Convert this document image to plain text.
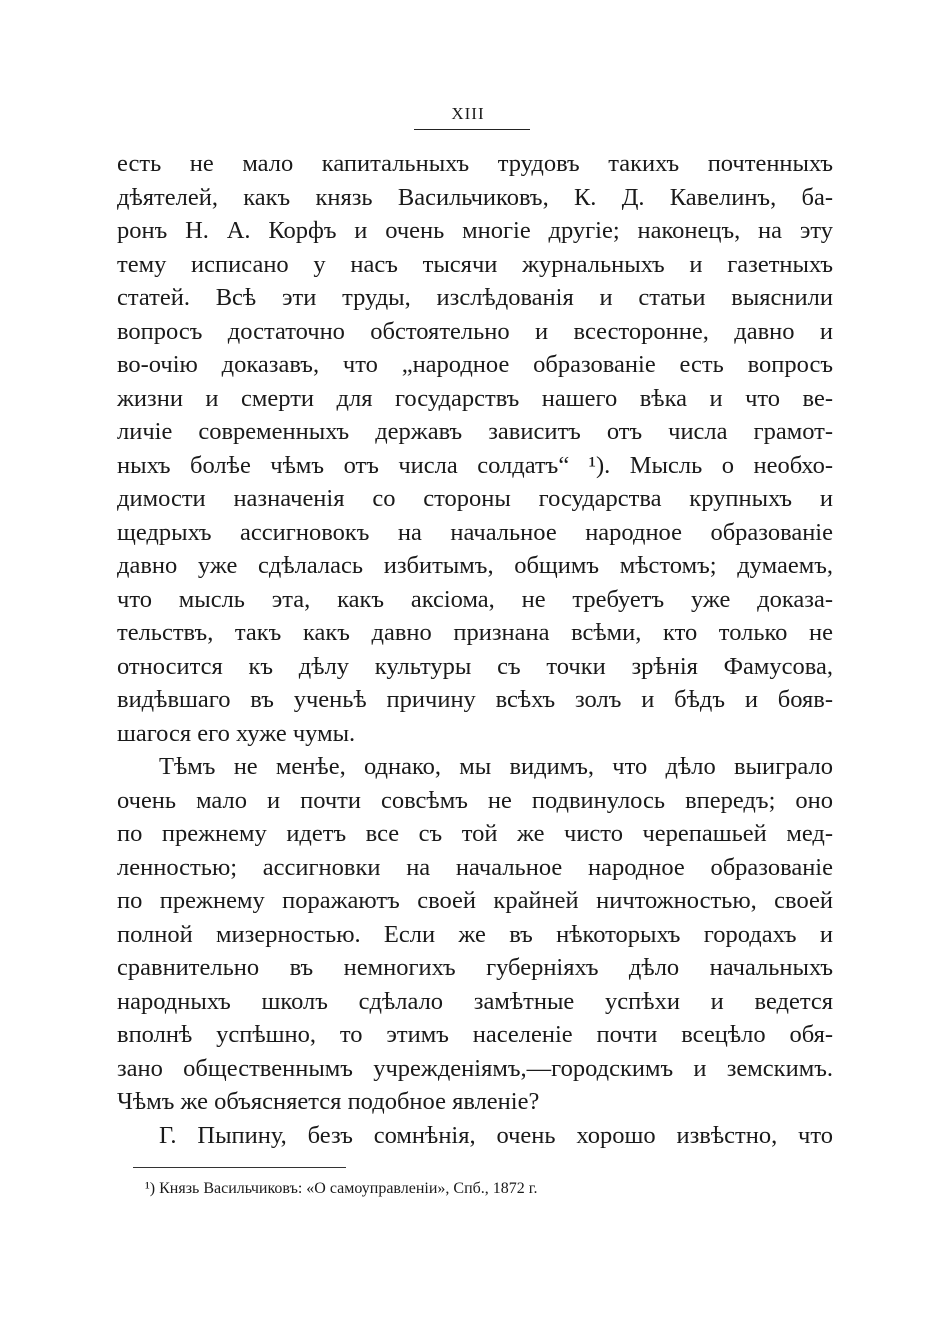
XIII
есть не мало капитальныхъ трудовъ такихъ почтенныхъ
дѣятелей, какъ князь Васильчиковъ, К. Д. Кавелинъ, ба-
ронъ Н. А. Корфъ и очень многіе другіе; наконецъ, на эту
тему исписано у насъ тысячи журнальныхъ и газетныхъ
статей. Всѣ эти труды, изслѣдованія и статьи выяснили
вопросъ достаточно обстоятельно и всесторонне, давно и
во-очію доказавъ, что „народное образованіе есть вопросъ
жизни и смерти для государствъ нашего вѣка и что ве-
личіе современныхъ державъ зависитъ отъ числа грамот-
ныхъ болѣе чѣмъ отъ числа солдатъ“ ¹). Мысль о необхо-
димости назначенія со стороны государства крупныхъ и
щедрыхъ ассигновокъ на начальное народное образованіе
давно уже сдѣлалась избитымъ, общимъ мѣстомъ; думаемъ,
что мысль эта, какъ аксіома, не требуетъ уже доказа-
тельствъ, такъ какъ давно признана всѣми, кто только не
относится къ дѣлу культуры съ точки зрѣнія Фамусова,
видѣвшаго въ ученьѣ причину всѣхъ золъ и бѣдъ и бояв-
шагося его хуже чумы.
Тѣмъ не менѣе, однако, мы видимъ, что дѣло выиграло
очень мало и почти совсѣмъ не подвинулось впередъ; оно
по прежнему идетъ все съ той же чисто черепашьей мед-
ленностью; ассигновки на начальное народное образованіе
по прежнему поражаютъ своей крайней ничтожностью, своей
полной мизерностью. Если же въ нѣкоторыхъ городахъ и
сравнительно въ немногихъ губерніяхъ дѣло начальныхъ
народныхъ школъ сдѣлало замѣтные успѣхи и ведется
вполнѣ успѣшно, то этимъ населеніе почти всецѣло обя-
зано общественнымъ учрежденіямъ,—городскимъ и земскимъ.
Чѣмъ же объясняется подобное явленіе?
Г. Пыпину, безъ сомнѣнія, очень хорошо извѣстно, что
¹) Князь Васильчиковъ: «О самоуправленіи», Спб., 1872 г.
